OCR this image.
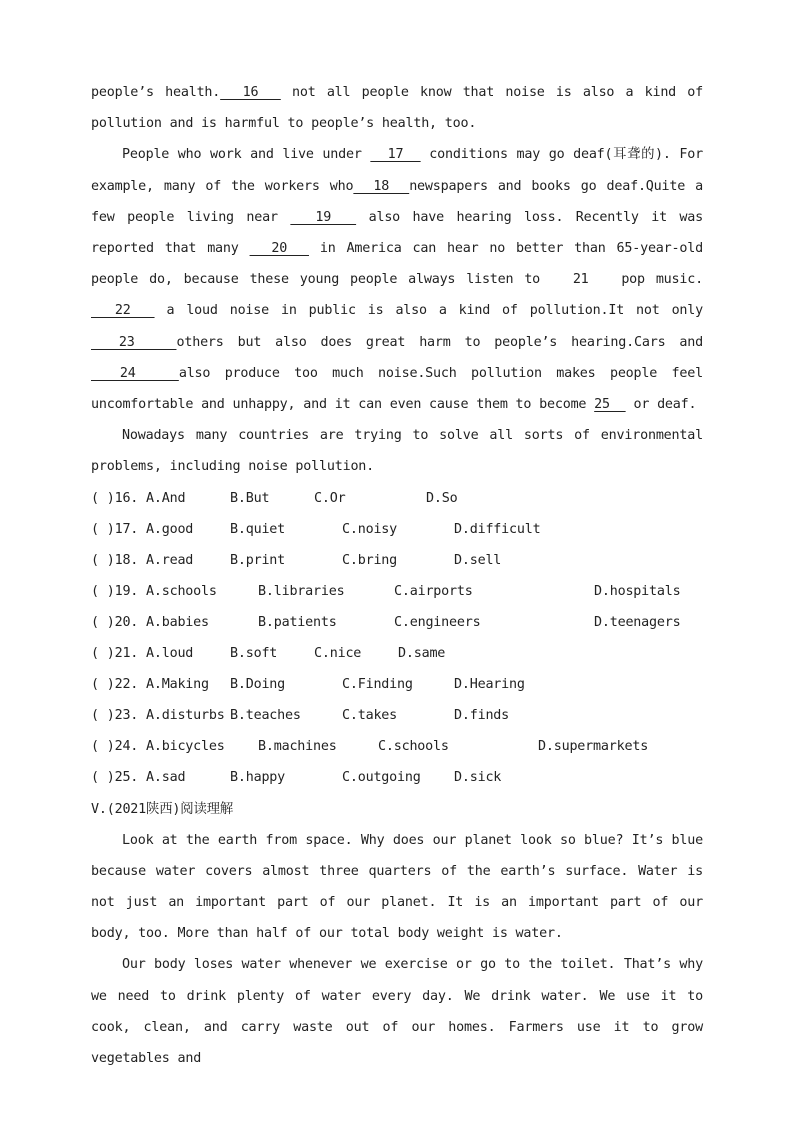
people’s health.  16   not all people know that noise is also a kind of pollution and is harmful to people’s health, too.

People who work and live under   17   conditions may go deaf(耳聋的). For example, many of the workers who  18  newspapers and books go deaf.Quite a few people living near   19   also have hearing loss. Recently it was reported that many   20   in America can hear no better than 65-year-old people do, because these young people always listen to   21   pop music.   22   a loud noise in public is also a kind of pollution.It not only  23   others but also does great harm to people’s hearing.Cars and   24   also produce too much noise.Such pollution makes people feel uncomfortable and unhappy, and it can even cause them to become 25   or deaf.

Nowadays many countries are trying to solve all sorts of environmental problems, including noise pollution.

( )16. A.And	B.But	C.Or	D.So
( )17. A.good	B.quiet	C.noisy	D.difficult
( )18. A.read	B.print	C.bring	D.sell
( )19. A.schools	B.libraries	C.airports	D.hospitals
( )20. A.babies	B.patients	C.engineers	D.teenagers
( )21. A.loud	B.soft	C.nice	D.same
( )22. A.Making B.Doing	C.Finding	D.Hearing
( )23. A.disturbs B.teaches	C.takes	D.finds
( )24. A.bicycles B.machines	C.schools	D.supermarkets
( )25. A.sad	B.happy	C.outgoing D.sick

V.(2021陕西)阅读理解

Look at the earth from space. Why does our planet look so blue? It’s blue because water covers almost three quarters of the earth’s surface. Water is not just an important part of our planet. It is an important part of our body, too. More than half of our total body weight is water.

Our body loses water whenever we exercise or go to the toilet. That’s why we need to drink plenty of water every day. We drink water. We use it to cook, clean, and carry waste out of our homes. Farmers use it to grow vegetables and
